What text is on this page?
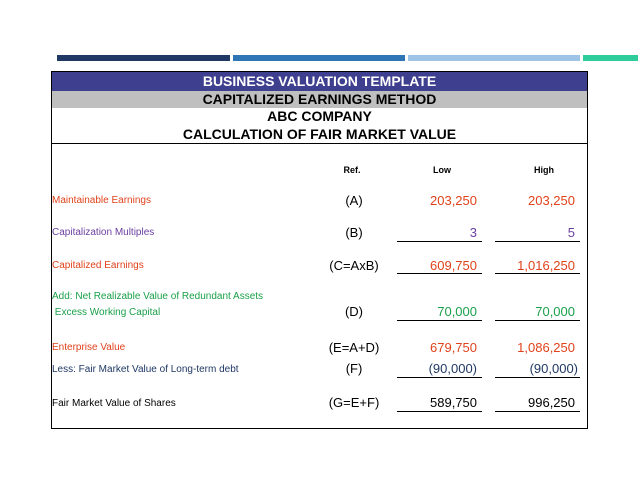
BUSINESS VALUATION TEMPLATE
CAPITALIZED EARNINGS METHOD
ABC COMPANY
CALCULATION OF FAIR MARKET VALUE
Ref.	Low	High
Maintainable Earnings	(A)	203,250	203,250
Capitalization Multiples	(B)	3	5
Capitalized Earnings	(C=AxB)	609,750	1,016,250
Add: Net Realizable Value of Redundant Assets
Excess Working Capital	(D)	70,000	70,000
Enterprise Value	(E=A+D)	679,750	1,086,250
Less: Fair Market Value of Long-term debt	(F)	(90,000)	(90,000)
Fair Market Value of Shares	(G=E+F)	589,750	996,250
